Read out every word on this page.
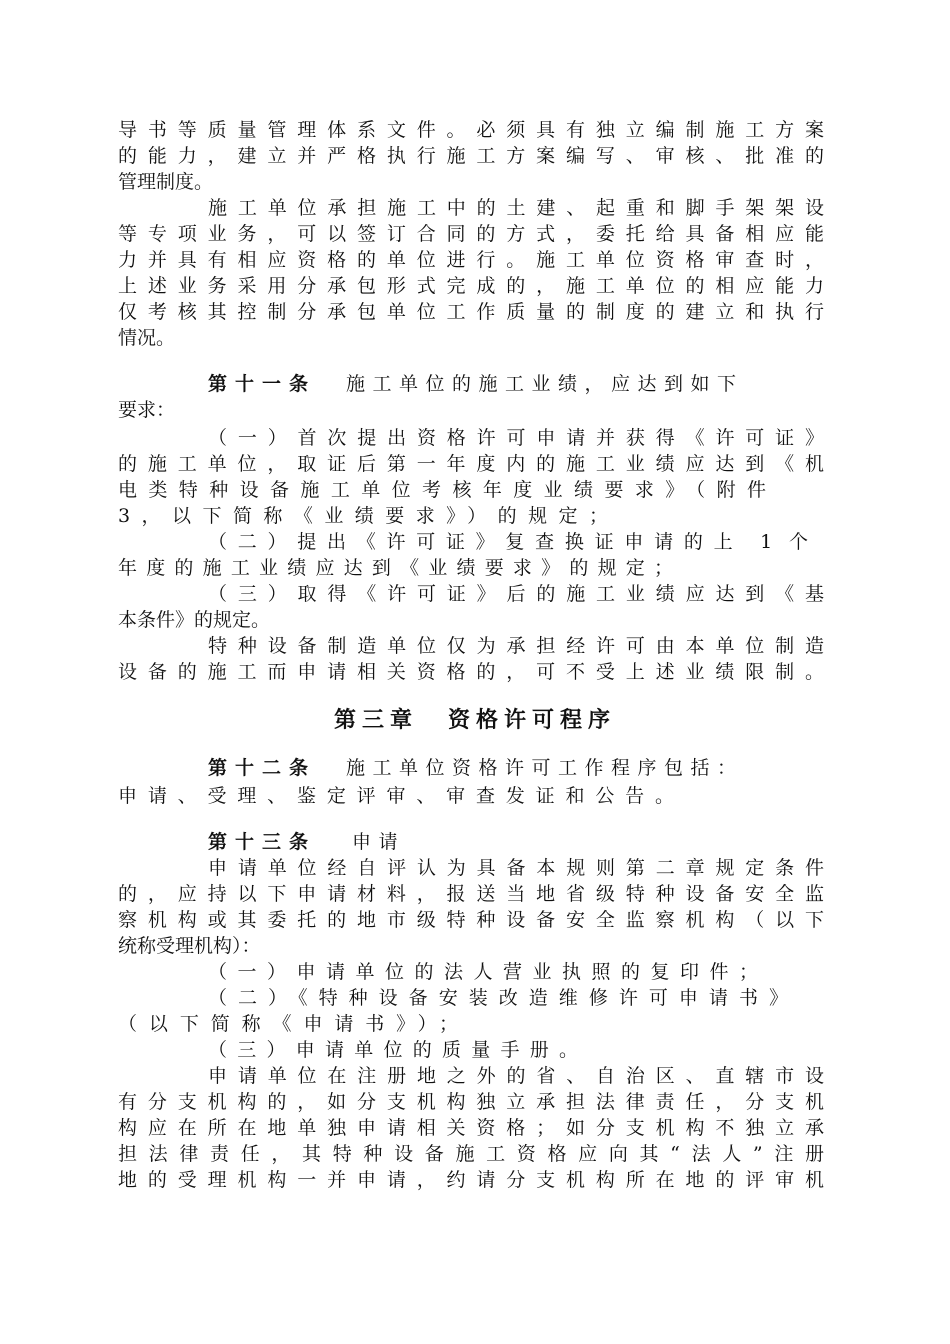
导书等质量管理体系文件。必须具有独立编制施工方案
的能力，建立并严格执行施工方案编写、审核、批准的
管理制度。
施工单位承担施工中的土建、起重和脚手架架设
等专项业务，可以签订合同的方式，委托给具备相应能
力并具有相应资格的单位进行。施工单位资格审查时，
上述业务采用分承包形式完成的，施工单位的相应能力
仅考核其控制分承包单位工作质量的制度的建立和执行
情况。
第十一条 施工单位的施工业绩，应达到如下
要求：
（一）首次提出资格许可申请并获得《许可证》
的施工单位，取证后第一年度内的施工业绩应达到《机
电类特种设备施工单位考核年度业绩要求》（附件
3，以下简称《业绩要求》）的规定；
（二）提出《许可证》复查换证申请的上 1 个
年度的施工业绩应达到《业绩要求》的规定；
（三）取得《许可证》后的施工业绩应达到《基
本条件》的规定。
特种设备制造单位仅为承担经许可由本单位制造
设备的施工而申请相关资格的，可不受上述业绩限制。
第三章 资格许可程序
第十二条 施工单位资格许可工作程序包括：
申请、受理、鉴定评审、审查发证和公告。
第十三条 申请
申请单位经自评认为具备本规则第二章规定条件
的，应持以下申请材料，报送当地省级特种设备安全监
察机构或其委托的地市级特种设备安全监察机构（以下
统称受理机构）：
（一）申请单位的法人营业执照的复印件；
（二）《特种设备安装改造维修许可申请书》
（以下简称《申请书》）；
（三）申请单位的质量手册。
申请单位在注册地之外的省、自治区、直辖市设
有分支机构的，如分支机构独立承担法律责任，分支机
构应在所在地单独申请相关资格；如分支机构不独立承
担法律责任，其特种设备施工资格应向其“法人”注册
地的受理机构一并申请，约请分支机构所在地的评审机
